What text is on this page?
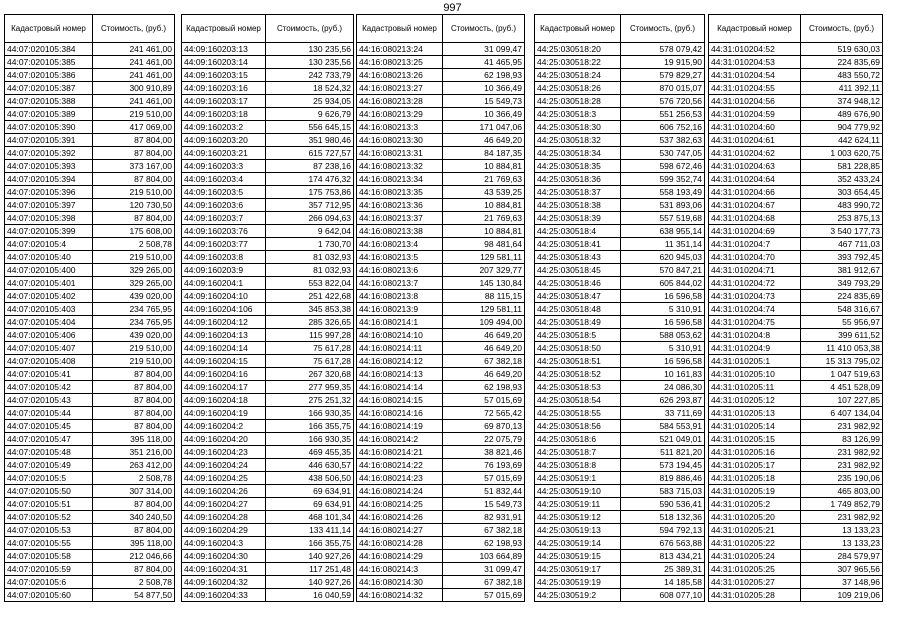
997
Кадастровый номер	Стоимость, (руб.)
44:07:020105:384	241 461,00
44:07:020105:385	241 461,00
44:07:020105:386	241 461,00
44:07:020105:387	300 910,89
44:07:020105:388	241 461,00
44:07:020105:389	219 510,00
44:07:020105:390	417 069,00
44:07:020105:391	87 804,00
44:07:020105:392	87 804,00
44:07:020105:393	373 167,00
44:07:020105:394	87 804,00
44:07:020105:396	219 510,00
44:07:020105:397	120 730,50
44:07:020105:398	87 804,00
44:07:020105:399	175 608,00
44:07:020105:4	2 508,78
44:07:020105:40	219 510,00
44:07:020105:400	329 265,00
44:07:020105:401	329 265,00
44:07:020105:402	439 020,00
44:07:020105:403	234 765,95
44:07:020105:404	234 765,95
44:07:020105:406	439 020,00
44:07:020105:407	219 510,00
44:07:020105:408	219 510,00
44:07:020105:41	87 804,00
44:07:020105:42	87 804,00
44:07:020105:43	87 804,00
44:07:020105:44	87 804,00
44:07:020105:45	87 804,00
44:07:020105:47	395 118,00
44:07:020105:48	351 216,00
44:07:020105:49	263 412,00
44:07:020105:5	2 508,78
44:07:020105:50	307 314,00
44:07:020105:51	87 804,00
44:07:020105:52	340 240,50
44:07:020105:53	87 804,00
44:07:020105:55	395 118,00
44:07:020105:58	212 046,66
44:07:020105:59	87 804,00
44:07:020105:6	2 508,78
44:07:020105:60	54 877,50
Кадастровый номер	Стоимость, (руб.)
44:09:160203:13	130 235,56
44:09:160203:14	130 235,56
44:09:160203:15	242 733,79
44:09:160203:16	18 524,32
44:09:160203:17	25 934,05
44:09:160203:18	9 626,79
44:09:160203:2	556 645,15
44:09:160203:20	351 980,46
44:09:160203:21	615 727,57
44:09:160203:3	87 238,16
44:09:160203:4	174 476,32
44:09:160203:5	175 753,86
44:09:160203:6	357 712,95
44:09:160203:7	266 094,63
44:09:160203:76	9 642,04
44:09:160203:77	1 730,70
44:09:160203:8	81 032,93
44:09:160203:9	81 032,93
44:09:160204:1	553 822,04
44:09:160204:10	251 422,68
44:09:160204:106	345 853,38
44:09:160204:12	285 326,65
44:09:160204:13	115 997,28
44:09:160204:14	75 617,28
44:09:160204:15	75 617,28
44:09:160204:16	267 320,68
44:09:160204:17	277 959,35
44:09:160204:18	275 251,32
44:09:160204:19	166 930,35
44:09:160204:2	166 355,75
44:09:160204:20	166 930,35
44:09:160204:23	469 455,35
44:09:160204:24	446 630,57
44:09:160204:25	438 506,50
44:09:160204:26	69 634,91
44:09:160204:27	69 634,91
44:09:160204:28	468 101,34
44:09:160204:29	133 411,14
44:09:160204:3	166 355,75
44:09:160204:30	140 927,26
44:09:160204:31	117 251,48
44:09:160204:32	140 927,26
44:09:160204:33	16 040,59
Кадастровый номер	Стоимость, (руб.)
44:16:080213:24	31 099,47
44:16:080213:25	41 465,95
44:16:080213:26	62 198,93
44:16:080213:27	10 366,49
44:16:080213:28	15 549,73
44:16:080213:29	10 366,49
44:16:080213:3	171 047,06
44:16:080213:30	46 649,20
44:16:080213:31	84 187,35
44:16:080213:32	10 884,81
44:16:080213:34	21 769,63
44:16:080213:35	43 539,25
44:16:080213:36	10 884,81
44:16:080213:37	21 769,63
44:16:080213:38	10 884,81
44:16:080213:4	98 481,64
44:16:080213:5	129 581,11
44:16:080213:6	207 329,77
44:16:080213:7	145 130,84
44:16:080213:8	88 115,15
44:16:080213:9	129 581,11
44:16:080214:1	109 494,00
44:16:080214:10	46 649,20
44:16:080214:11	46 649,20
44:16:080214:12	67 382,18
44:16:080214:13	46 649,20
44:16:080214:14	62 198,93
44:16:080214:15	57 015,69
44:16:080214:16	72 565,42
44:16:080214:19	69 870,13
44:16:080214:2	22 075,79
44:16:080214:21	38 821,46
44:16:080214:22	76 193,69
44:16:080214:23	57 015,69
44:16:080214:24	51 832,44
44:16:080214:25	15 549,73
44:16:080214:26	82 931,91
44:16:080214:27	67 382,18
44:16:080214:28	62 198,93
44:16:080214:29	103 664,89
44:16:080214:3	31 099,47
44:16:080214:30	67 382,18
44:16:080214:32	57 015,69
Кадастровый номер	Стоимость, (руб.)
44:25:030518:20	578 079,42
44:25:030518:22	19 915,90
44:25:030518:24	579 829,27
44:25:030518:26	870 015,07
44:25:030518:28	576 720,56
44:25:030518:3	551 256,53
44:25:030518:30	606 752,16
44:25:030518:32	537 382,63
44:25:030518:34	530 747,05
44:25:030518:35	598 672,46
44:25:030518:36	599 352,74
44:25:030518:37	558 193,49
44:25:030518:38	531 893,06
44:25:030518:39	557 519,68
44:25:030518:4	638 955,14
44:25:030518:41	11 351,14
44:25:030518:43	620 945,03
44:25:030518:45	570 847,21
44:25:030518:46	605 844,02
44:25:030518:47	16 596,58
44:25:030518:48	5 310,91
44:25:030518:49	16 596,58
44:25:030518:5	588 053,62
44:25:030518:50	5 310,91
44:25:030518:51	16 596,58
44:25:030518:52	10 161,83
44:25:030518:53	24 086,30
44:25:030518:54	626 293,87
44:25:030518:55	33 711,69
44:25:030518:56	584 553,91
44:25:030518:6	521 049,01
44:25:030518:7	511 821,20
44:25:030518:8	573 194,45
44:25:030519:1	819 886,46
44:25:030519:10	583 715,03
44:25:030519:11	590 536,41
44:25:030519:12	518 132,36
44:25:030519:13	594 792,13
44:25:030519:14	676 563,88
44:25:030519:15	813 434,21
44:25:030519:17	25 389,31
44:25:030519:19	14 185,58
44:25:030519:2	608 077,10
Кадастровый номер	Стоимость, (руб.)
44:31:010204:52	519 630,03
44:31:010204:53	224 835,69
44:31:010204:54	483 550,72
44:31:010204:55	411 392,11
44:31:010204:56	374 948,12
44:31:010204:59	489 676,90
44:31:010204:60	904 779,92
44:31:010204:61	442 624,11
44:31:010204:62	1 003 620,75
44:31:010204:63	581 228,85
44:31:010204:64	352 433,24
44:31:010204:66	303 654,45
44:31:010204:67	483 990,72
44:31:010204:68	253 875,13
44:31:010204:69	3 540 177,73
44:31:010204:7	467 711,03
44:31:010204:70	393 792,45
44:31:010204:71	381 912,67
44:31:010204:72	349 793,29
44:31:010204:73	224 835,69
44:31:010204:74	548 316,67
44:31:010204:75	55 956,97
44:31:010204:8	399 611,52
44:31:010204:9	11 410 053,38
44:31:010205:1	15 313 795,02
44:31:010205:10	1 047 519,63
44:31:010205:11	4 451 528,09
44:31:010205:12	107 227,85
44:31:010205:13	6 407 134,04
44:31:010205:14	231 982,92
44:31:010205:15	83 126,99
44:31:010205:16	231 982,92
44:31:010205:17	231 982,92
44:31:010205:18	235 190,06
44:31:010205:19	465 803,00
44:31:010205:2	1 749 852,79
44:31:010205:20	231 982,92
44:31:010205:21	13 133,23
44:31:010205:22	13 133,23
44:31:010205:24	284 579,97
44:31:010205:25	307 965,56
44:31:010205:27	37 148,96
44:31:010205:28	109 219,06
